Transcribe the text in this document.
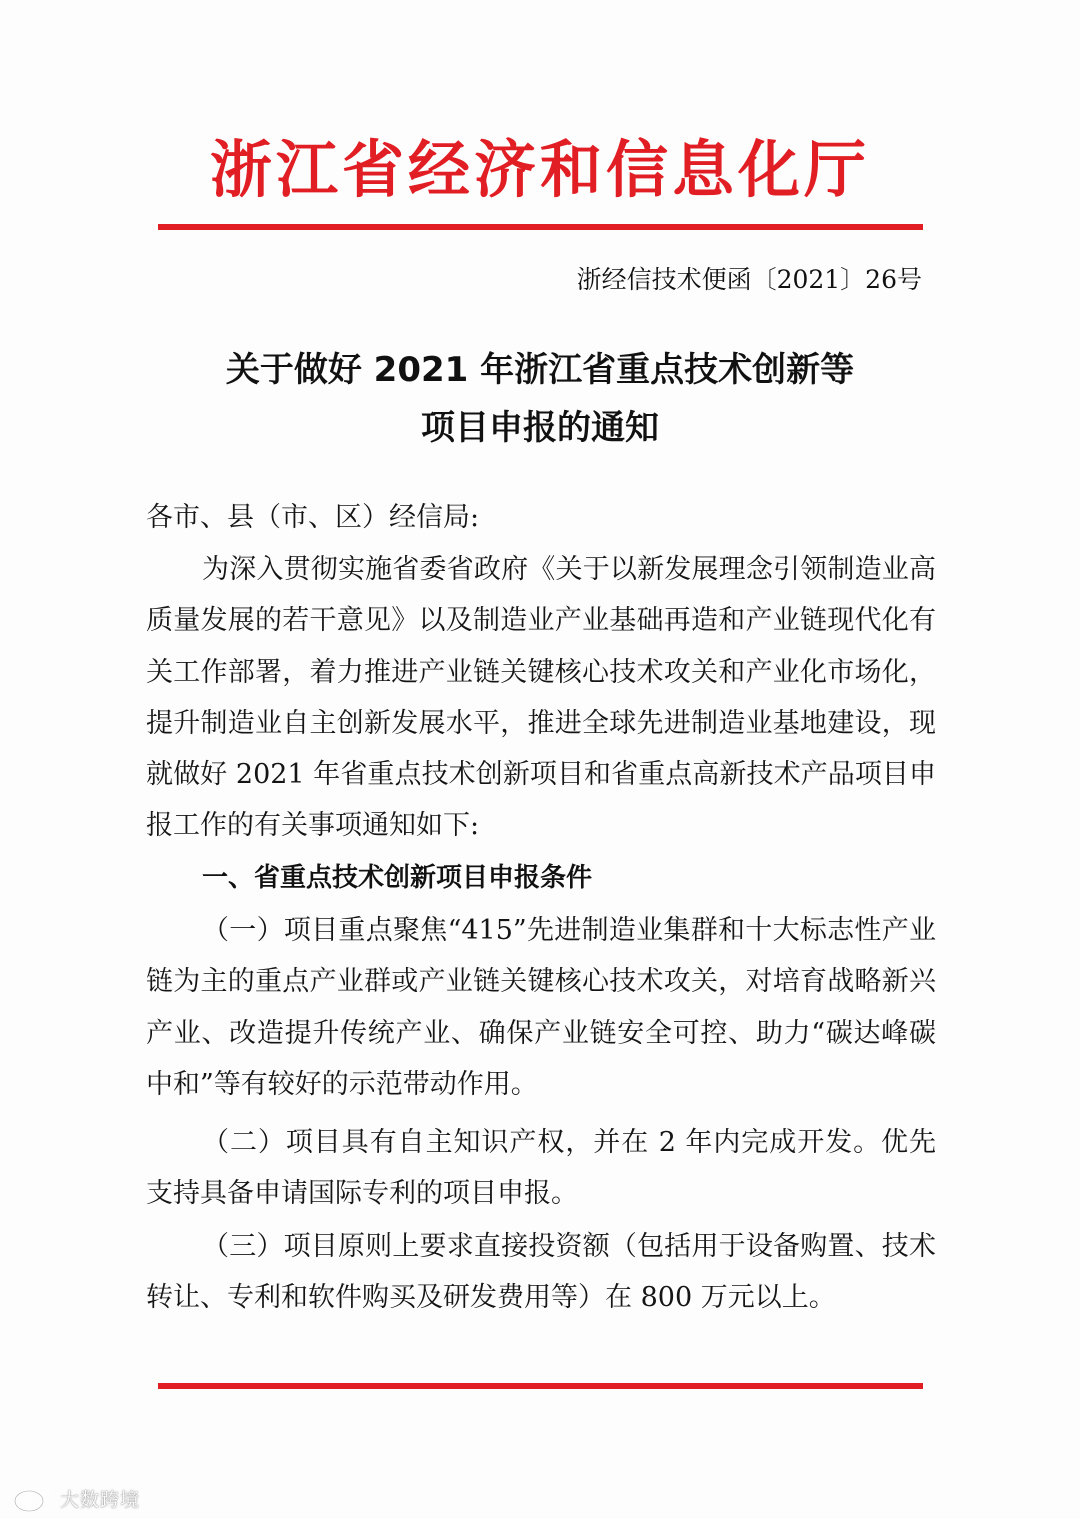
浙江省经济和信息化厅
浙经信技术便函〔2021〕26号
关于做好 2021 年浙江省重点技术创新等
项目申报的通知
各市、县（市、区）经信局:
为深入贯彻实施省委省政府《关于以新发展理念引领制造业高质量发展的若干意见》以及制造业产业基础再造和产业链现代化有关工作部署，着力推进产业链关键核心技术攻关和产业化市场化，提升制造业自主创新发展水平，推进全球先进制造业基地建设，现就做好 2021 年省重点技术创新项目和省重点高新技术产品项目申报工作的有关事项通知如下:
一、省重点技术创新项目申报条件
（一）项目重点聚焦“415”先进制造业集群和十大标志性产业链为主的重点产业群或产业链关键核心技术攻关，对培育战略新兴产业、改造提升传统产业、确保产业链安全可控、助力“碳达峰碳中和”等有较好的示范带动作用。
（二）项目具有自主知识产权，并在 2 年内完成开发。优先支持具备申请国际专利的项目申报。
（三）项目原则上要求直接投资额（包括用于设备购置、技术转让、专利和软件购买及研发费用等）在 800 万元以上。
大数跨境
